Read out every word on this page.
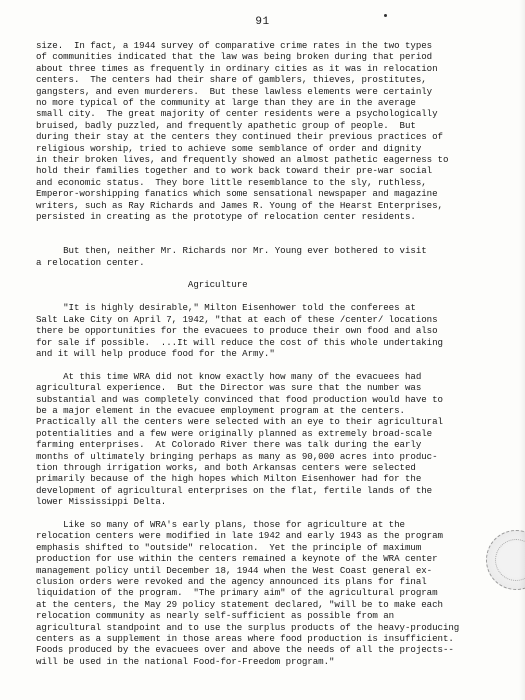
91

size.  In fact, a 1944 survey of comparative crime rates in the two types

of communities indicated that the law was being broken during that period

about three times as frequently in ordinary cities as it was in relocation

centers.  The centers had their share of gamblers, thieves, prostitutes,

gangsters, and even murderers.  But these lawless elements were certainly

no more typical of the community at large than they are in the average

small city.  The great majority of center residents were a psychologically

bruised, badly puzzled, and frequently apathetic group of people.  But

during their stay at the centers they continued their previous practices of

religious worship, tried to achieve some semblance of order and dignity

in their broken lives, and frequently showed an almost pathetic eagerness to

hold their families together and to work back toward their pre-war social

and economic status.  They bore little resemblance to the sly, ruthless,

Emperor-worshipping fanatics which some sensational newspaper and magazine

writers, such as Ray Richards and James R. Young of the Hearst Enterprises,

persisted in creating as the prototype of relocation center residents.

But then, neither Mr. Richards nor Mr. Young ever bothered to visit

a relocation center.

Agriculture

"It is highly desirable," Milton Eisenhower told the conferees at

Salt Lake City on April 7, 1942, "that at each of these /center/ locations

there be opportunities for the evacuees to produce their own food and also

for sale if possible.  ...It will reduce the cost of this whole undertaking

and it will help produce food for the Army."

At this time WRA did not know exactly how many of the evacuees had

agricultural experience.  But the Director was sure that the number was

substantial and was completely convinced that food production would have to

be a major element in the evacuee employment program at the centers.

Practically all the centers were selected with an eye to their agricultural

potentialities and a few were originally planned as extremely broad-scale

farming enterprises.  At Colorado River there was talk during the early

months of ultimately bringing perhaps as many as 90,000 acres into produc-

tion through irrigation works, and both Arkansas centers were selected

primarily because of the high hopes which Milton Eisenhower had for the

development of agricultural enterprises on the flat, fertile lands of the

lower Mississippi Delta.

Like so many of WRA's early plans, those for agriculture at the

relocation centers were modified in late 1942 and early 1943 as the program

emphasis shifted to "outside" relocation.  Yet the principle of maximum

production for use within the centers remained a keynote of the WRA center

management policy until December 18, 1944 when the West Coast general ex-

clusion orders were revoked and the agency announced its plans for final

liquidation of the program.  "The primary aim" of the agricultural program

at the centers, the May 29 policy statement declared, "will be to make each

relocation community as nearly self-sufficient as possible from an

agricultural standpoint and to use the surplus products of the heavy-producing

centers as a supplement in those areas where food production is insufficient.

Foods produced by the evacuees over and above the needs of all the projects--

will be used in the national Food-for-Freedom program."
